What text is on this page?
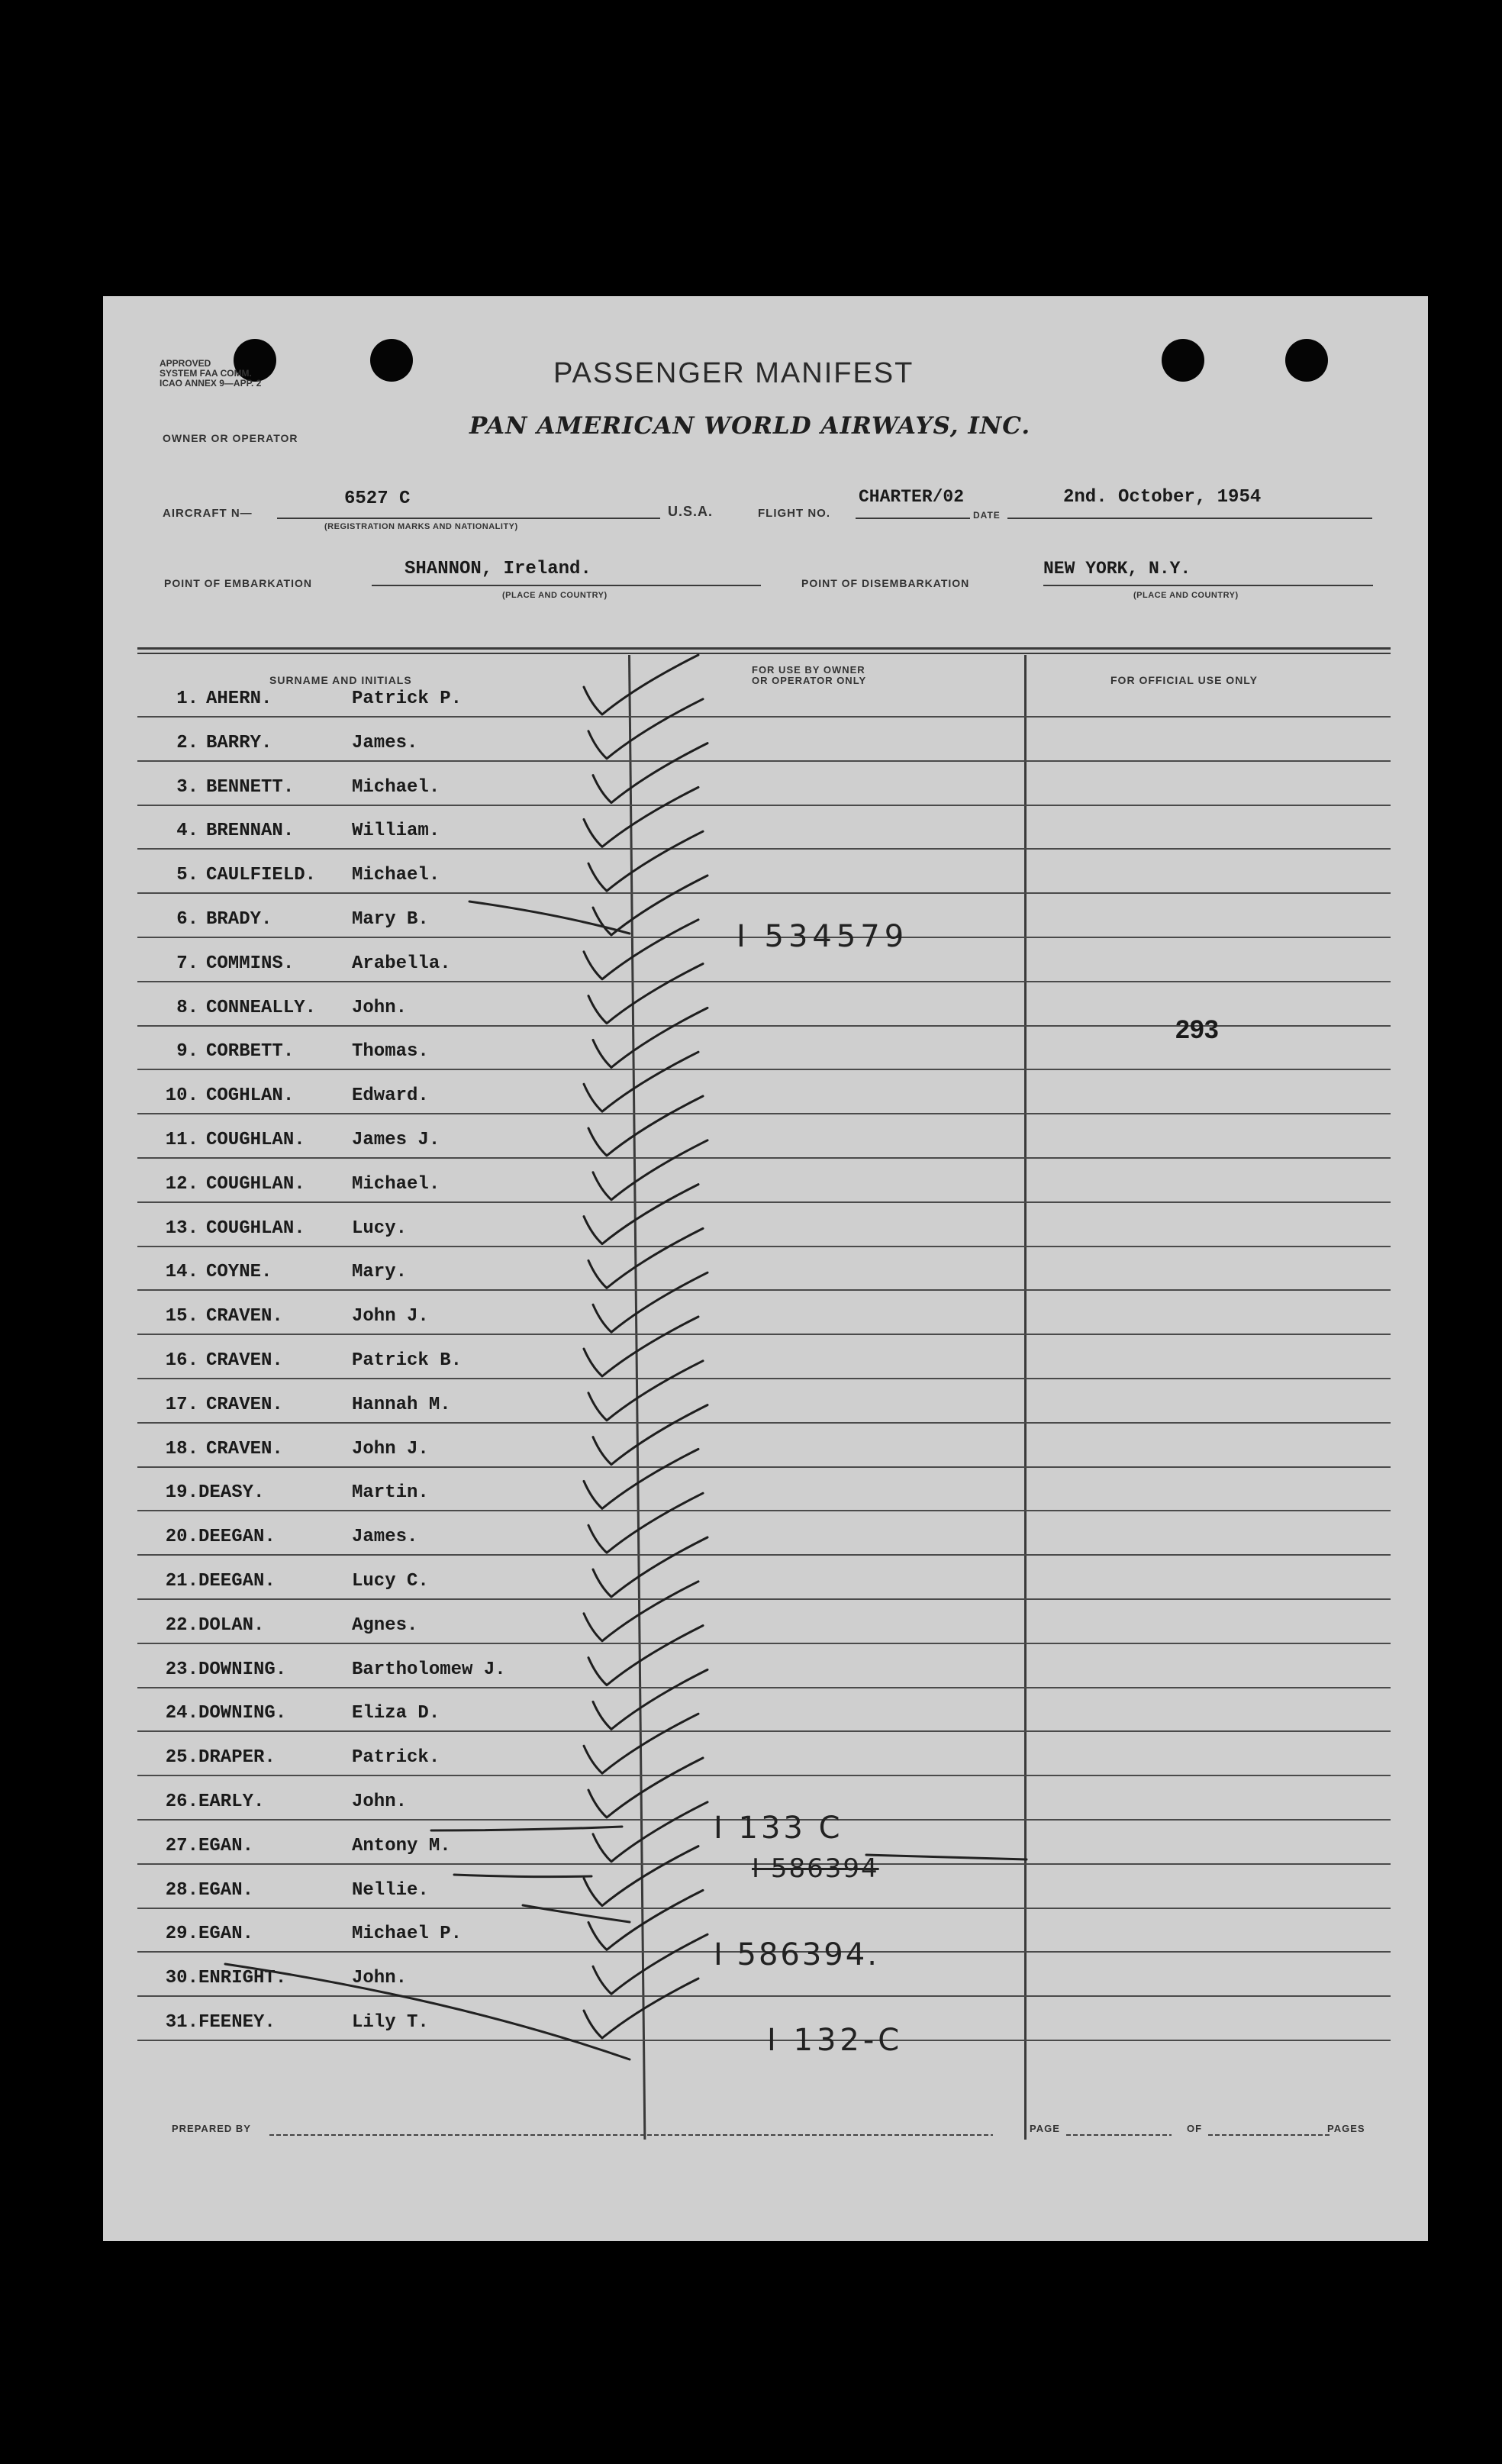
APPROVED
SYSTEM FAA COMM.
ICAO ANNEX 9—APP. 2	PASSENGER MANIFEST
OWNER OR OPERATOR	PAN AMERICAN WORLD AIRWAYS, INC.
AIRCRAFT N—
6527 C
(REGISTRATION MARKS AND NATIONALITY)
U.S.A.	FLIGHT NO.
CHARTER/02
DATE
2nd. October, 1954
POINT OF EMBARKATION
SHANNON, Ireland.
(PLACE AND COUNTRY)
POINT OF DISEMBARKATION
NEW YORK, N.Y.
(PLACE AND COUNTRY)
SURNAME AND INITIALS
FOR USE BY OWNER
OR OPERATOR ONLY	FOR OFFICIAL USE ONLY
1. AHERN.	Patrick P.
2. BARRY.	James.
3. BENNETT.	Michael.
4. BRENNAN.	William.
5. CAULFIELD. Michael.
6. BRADY.	Mary B.
7. COMMINS.	Arabella.
8. CONNEALLY. John.
9. CORBETT.	Thomas.
10. COGHLAN.	Edward.
11. COUGHLAN.	James J.
12. COUGHLAN.	Michael.
13. COUGHLAN.	Lucy.
14. COYNE.	Mary.
15. CRAVEN.	John J.
16. CRAVEN.	Patrick B.
17. CRAVEN.	Hannah M.
18. CRAVEN.	John J.
19. DEASY.	Martin.
20. DEEGAN.	James.
21. DEEGAN.	Lucy C.
22. DOLAN.	Agnes.
23. DOWNING.	Bartholomew J.
24. DOWNING.	Eliza D.
25. DRAPER.	Patrick.
26. EARLY.	John.
27. EGAN.	Antony M.
28. EGAN.	Nellie.
29. EGAN.	Michael P.
30. ENRIGHT.	John.
31. FEENEY.	Lily T.
293
I 534579
I 133 C
I 586394
I 586394.
I 132-C
PREPARED BY	PAGE	OF	PAGES
